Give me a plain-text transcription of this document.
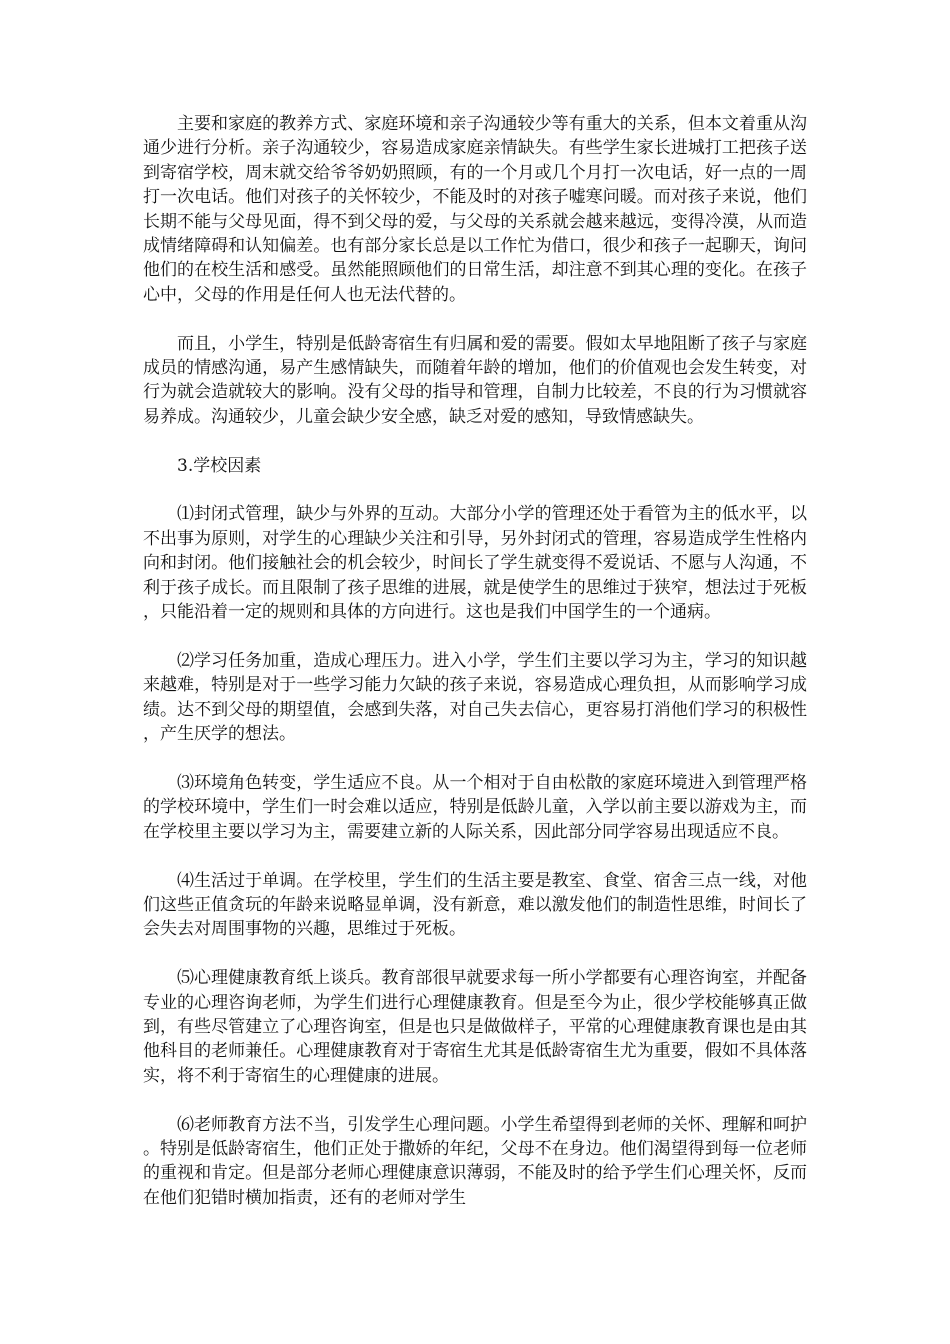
主要和家庭的教养方式、家庭环境和亲子沟通较少等有重大的关系，但本文着重从沟通少进行分析。亲子沟通较少，容易造成家庭亲情缺失。有些学生家长进城打工把孩子送到寄宿学校，周末就交给爷爷奶奶照顾，有的一个月或几个月打一次电话，好一点的一周打一次电话。他们对孩子的关怀较少，不能及时的对孩子嘘寒问暖。而对孩子来说，他们长期不能与父母见面，得不到父母的爱，与父母的关系就会越来越远，变得冷漠，从而造成情绪障碍和认知偏差。也有部分家长总是以工作忙为借口，很少和孩子一起聊天，询问他们的在校生活和感受。虽然能照顾他们的日常生活，却注意不到其心理的变化。在孩子心中，父母的作用是任何人也无法代替的。

而且，小学生，特别是低龄寄宿生有归属和爱的需要。假如太早地阻断了孩子与家庭成员的情感沟通，易产生感情缺失，而随着年龄的增加，他们的价值观也会发生转变，对行为就会造就较大的影响。没有父母的指导和管理，自制力比较差，不良的行为习惯就容易养成。沟通较少，儿童会缺少安全感，缺乏对爱的感知，导致情感缺失。

3.学校因素

⑴封闭式管理，缺少与外界的互动。大部分小学的管理还处于看管为主的低水平，以不出事为原则，对学生的心理缺少关注和引导，另外封闭式的管理，容易造成学生性格内向和封闭。他们接触社会的机会较少，时间长了学生就变得不爱说话、不愿与人沟通，不利于孩子成长。而且限制了孩子思维的进展，就是使学生的思维过于狭窄，想法过于死板，只能沿着一定的规则和具体的方向进行。这也是我们中国学生的一个通病。

⑵学习任务加重，造成心理压力。进入小学，学生们主要以学习为主，学习的知识越来越难，特别是对于一些学习能力欠缺的孩子来说，容易造成心理负担，从而影响学习成绩。达不到父母的期望值，会感到失落，对自己失去信心，更容易打消他们学习的积极性，产生厌学的想法。

⑶环境角色转变，学生适应不良。从一个相对于自由松散的家庭环境进入到管理严格的学校环境中，学生们一时会难以适应，特别是低龄儿童，入学以前主要以游戏为主，而在学校里主要以学习为主，需要建立新的人际关系，因此部分同学容易出现适应不良。

⑷生活过于单调。在学校里，学生们的生活主要是教室、食堂、宿舍三点一线，对他们这些正值贪玩的年龄来说略显单调，没有新意，难以激发他们的制造性思维，时间长了会失去对周围事物的兴趣，思维过于死板。

⑸心理健康教育纸上谈兵。教育部很早就要求每一所小学都要有心理咨询室，并配备专业的心理咨询老师，为学生们进行心理健康教育。但是至今为止，很少学校能够真正做到，有些尽管建立了心理咨询室，但是也只是做做样子，平常的心理健康教育课也是由其他科目的老师兼任。心理健康教育对于寄宿生尤其是低龄寄宿生尤为重要，假如不具体落实，将不利于寄宿生的心理健康的进展。

⑹老师教育方法不当，引发学生心理问题。小学生希望得到老师的关怀、理解和呵护。特别是低龄寄宿生，他们正处于撒娇的年纪，父母不在身边。他们渴望得到每一位老师的重视和肯定。但是部分老师心理健康意识薄弱，不能及时的给予学生们心理关怀，反而在他们犯错时横加指责，还有的老师对学生
